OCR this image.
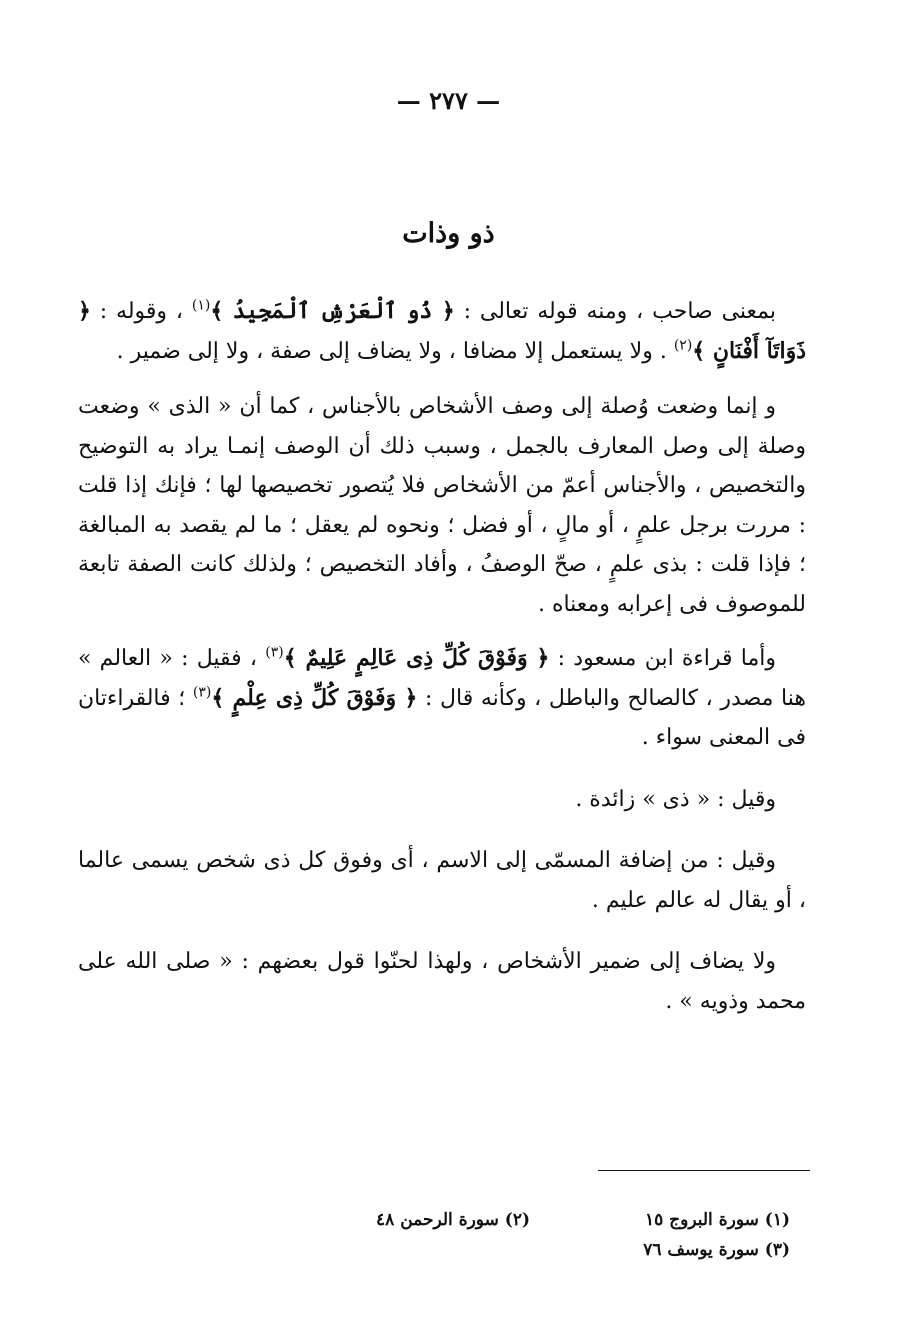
— ٢٧٧ —
ذو وذات

بمعنى صاحب ، ومنه قوله تعالى : ﴿ ذُو ٱلْعَرْشِ ٱلْمَجِيدُ ﴾$^{(١)}$ ، وقوله : ﴿ ذَوَاتَآ أَفْنَانٍ ﴾$^{(٢)}$ . ولا يستعمل إلا مضافا ، ولا يضاف إلى صفة ، ولا إلى ضمير .

و إنما وضعت وُصلة إلى وصف الأشخاص بالأجناس ، كما أن « الذى » وضعت وصلة إلى وصل المعارف بالجمل ، وسبب ذلك أن الوصف إنمـا يراد به التوضيح والتخصيص ، والأجناس أعمّ من الأشخاص فلا يُتصور تخصيصها لها ؛ فإنك إذا قلت : مررت برجل علمٍ ، أو مالٍ ، أو فضل ؛ ونحوه لم يعقل ؛ ما لم يقصد به المبالغة ؛ فإذا قلت : بذى علمٍ ، صحّ الوصفُ ، وأفاد التخصيص ؛ ولذلك كانت الصفة تابعة للموصوف فى إعرابه ومعناه .

وأما قراءة ابن مسعود : ﴿ وَفَوْقَ كُلِّ ذِى عَالِمٍ عَلِيمٌ ﴾$^{(٣)}$ ، فقيل : « العالم » هنا مصدر ، كالصالح والباطل ، وكأنه قال : ﴿ وَفَوْقَ كُلِّ ذِى عِلْمٍ ﴾$^{(٣)}$ ؛ فالقراءتان فى المعنى سواء .

وقيل : « ذى » زائدة .

وقيل : من إضافة المسمّى إلى الاسم ، أى وفوق كل ذى شخص يسمى عالما ، أو يقال له عالم عليم .

ولا يضاف إلى ضمير الأشخاص ، ولهذا لحنّوا قول بعضهم : « صلى الله على محمد وذويه » .

(١) سورة البروج ١٥
(٢) سورة الرحمن ٤٨
(٣) سورة يوسف ٧٦
